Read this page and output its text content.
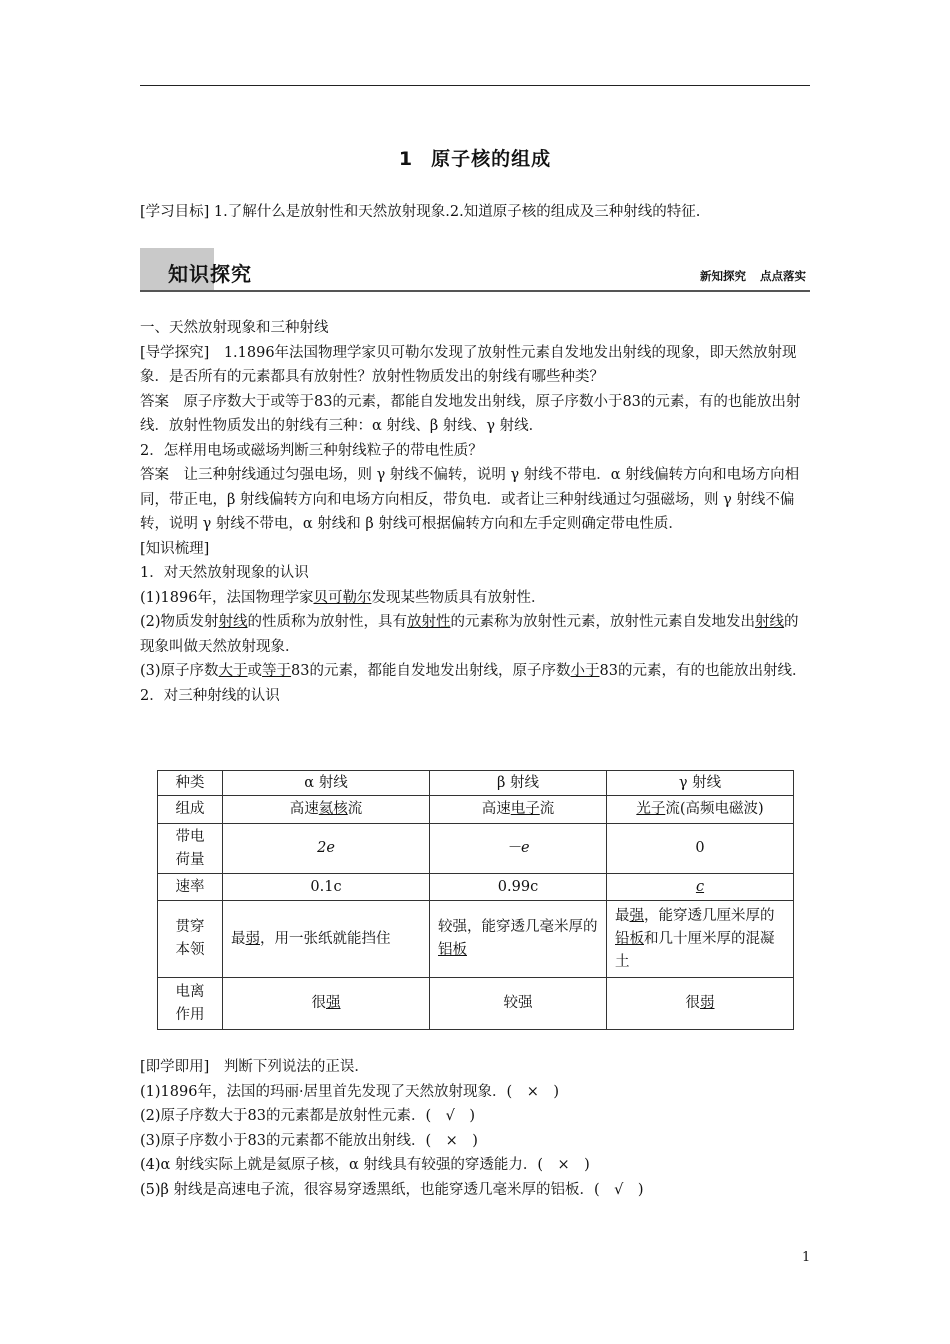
1 原子核的组成
[学习目标] 1.了解什么是放射性和天然放射现象.2.知道原子核的组成及三种射线的特征.
知识探究	新知探究 点点落实

一、天然放射现象和三种射线

[导学探究]　1.1896年法国物理学家贝可勒尔发现了放射性元素自发地发出射线的现象，即天然放射现象．是否所有的元素都具有放射性？放射性物质发出的射线有哪些种类？

答案　原子序数大于或等于83的元素，都能自发地发出射线，原子序数小于83的元素，有的也能放出射线．放射性物质发出的射线有三种：α 射线、β 射线、γ 射线．

2．怎样用电场或磁场判断三种射线粒子的带电性质？

答案　让三种射线通过匀强电场，则 γ 射线不偏转，说明 γ 射线不带电．α 射线偏转方向和电场方向相同，带正电，β 射线偏转方向和电场方向相反，带负电．或者让三种射线通过匀强磁场，则 γ 射线不偏转，说明 γ 射线不带电，α 射线和 β 射线可根据偏转方向和左手定则确定带电性质．

[知识梳理]

1．对天然放射现象的认识

(1)1896年，法国物理学家贝可勒尔发现某些物质具有放射性．

(2)物质发射射线的性质称为放射性，具有放射性的元素称为放射性元素，放射性元素自发地发出射线的现象叫做天然放射现象．

(3)原子序数大于或等于83的元素，都能自发地发出射线，原子序数小于83的元素，有的也能放出射线．

2．对三种射线的认识

种类	α 射线	β 射线	γ 射线
组成	高速氦核流	高速电子流	光子流(高频电磁波)
带电
荷量	2e	－e	0
速率	0.1c	0.99c	c
贯穿
本领	最弱，用一张纸就能挡住	较强，能穿透几毫米厚的铝板	最强，能穿透几厘米厚的铅板和几十厘米厚的混凝土
电离
作用	很强	较强	很弱

[即学即用]　判断下列说法的正误．

(1)1896年，法国的玛丽·居里首先发现了天然放射现象．(　×　)

(2)原子序数大于83的元素都是放射性元素．(　√　)

(3)原子序数小于83的元素都不能放出射线．(　×　)

(4)α 射线实际上就是氦原子核，α 射线具有较强的穿透能力．(　×　)

(5)β 射线是高速电子流，很容易穿透黑纸，也能穿透几毫米厚的铝板．(　√　)

1
